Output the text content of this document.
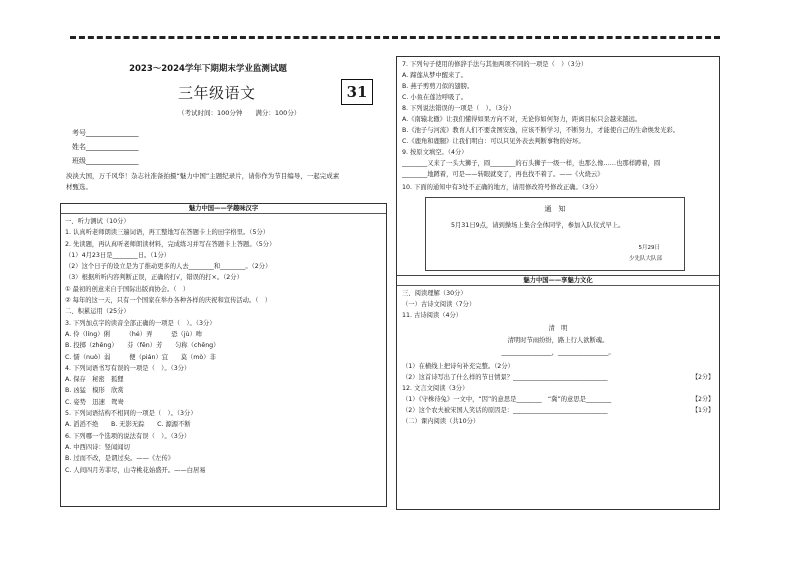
2023～2024学年下期期末学业监测试题
31
三年级语文
（考试时间：100分钟　　满分：100分）
考号_______________
姓名_______________
班级_______________
泱泱大国，万千风华！杂志社准备拍摄“魅力中国”主题纪录片，请你作为节目编导，一起完成素
材甄选。
魅力中国——学趣味汉字
一、听力测试（10分）
1. 认真听老师朗读三遍词语，再工整地写在答题卡上的田字格里。（5分）
2. 先读题，再认真听老师朗读材料，完成练习并写在答题卡上答题。（5分）
（1）4月23日是________日。（1分）
（2）这个日子的设立是为了推动更多的人去________和________。（2分）
（3）根据所听内容判断正误，正确的打√，错误的打×。（2分）
① 最初的创意来自于国际出版商协会。（　）
② 每年的这一天，只有一个国家在举办各种各样的庆祝和宣传活动。（　）
二、积累运用（25分）
3. 下列加点字的读音全部正确的一项是（　）。（3分）
A. 伶（líng）俐　　　（hé）弄　　　恐（jù）哞
B. 投掷（zhēng）　　芬（fēn）芳　　匀称（chēng）
C. 懦（nuò）弱　　　便（pián）宜　　莫（mò）非
4. 下列词语书写有误的一项是（　）。（3分）
A. 保存　秘密　狐狸
B. 凶猛　模形　欣赏
C. 姿势　迅速　鸳鸯
5. 下列词语结构不相同的一项是（　）。（3分）
A. 滔滔不绝　　B. 无影无踪　　C. 源源不断
6. 下列哪一个选项的说法有误（　）。（3分）
A. 中西四诗：竖闻闻切
B. 过而不改，是谓过矣。——《左传》
C. 人间四月芳菲尽，山寺桃花始盛开。——白居易
7. 下列句子使用的修辞手法与其他两项不同的一项是（　）（3分）
A. 蹄莲从梦中醒来了。
B. 燕子剪剪刀似的翅膀。
C. 小鱼在莲边呼吸了。
8. 下列说法错误的一项是（　）。（3分）
A.《南辕北辙》让我们懂得如果方向不对，无论你如何努力，距离目标只会越来越远。
B.《池子与河流》教育人们不要贪图安逸，应该不断学习，不断努力，才能使自己的生命焕发光彩。
C.《鹿角和鹿腿》让我们明白：可以只见外表去判断事物的好坏。
9. 按原文填空。（4分）
________又来了一头大狮子，圆________的石头狮子一级一样，也那么像……也那样蹲着，圆
________地蹲着，可是——转眼就变了，再也找不着了。——《火烧云》
10. 下面的通知中有3处不正确的地方，请用修改符号修改正确。（3分）
通　知
5月31日9点，请到操场上集合全体同学，参加入队仪式早上。
5月29日
少先队大队部
魅力中国——享魅力文化
三、阅读理解（30分）
（一）古诗文阅读（7分）
11. 古诗阅读（4分）
清　明
清明时节雨纷纷，路上行人欲断魂。
________________，________________。
（1）在横线上把诗句补充完整。（2分）
（2）这首诗写出了什么样的节日情景？______________________________	【2分】
12. 文言文阅读（3分）
（1）《守株待兔》一文中，“因”的意思是________　“冀”的意思是________	【2分】
（2）这个农夫被宋国人笑话的原因是：______________________________	【1分】
（二）课内阅读（共10分）
